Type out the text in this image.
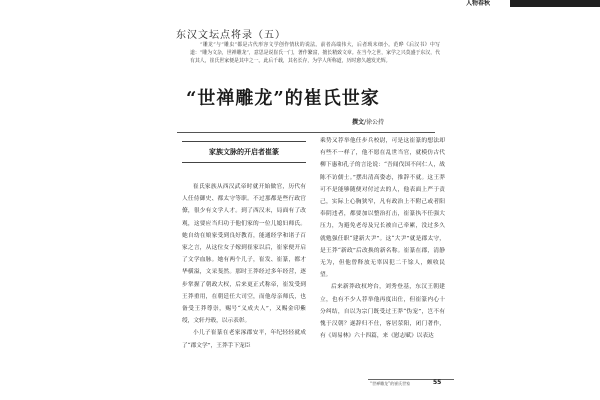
人物春秋
东汉文坛点将录（五）

“雕龙”与“雕虫”都是古代形容文学创作情状的说法。前者高端伟大，后者琐末细小。范晔《后汉书》中写道：“雕为文杂，世禅雕龙”，意思是说崔氏一门，著作繁富，擅长精致文章。在当今之世，家学之兴莫盛于东汉，代有其人，崔氏世家便是其中之一。此后千载，其名长存，为学人所称道，历时愈久越发光辉。

“世禅雕龙”的崔氏世家
撰文/徐公持
家族文脉的开启者崔篆

崔氏家族从西汉武帝时就开始做官，历代有人任侍御史、都太守等职。不过那都是些行政官僚，很少有文学人才。到了西汉末，局面有了改观，这要应当归功于他们家的一位儿媳妇师氏。她自幼在娘家受到良好教育，能通经学和诸子百家之言，从这位女子嫁到崔家以后，崔家便开启了文学血脉。她有两个儿子，崔发、崔篆，都才华横溢，文采斐然。那时王莽经过多年经营，逐步掌握了朝政大权，后来更正式称帝，崔发受到王莽重用，在朝廷任大司空，而他母亲师氏，也备受王莽尊崇，赐号“义成夫人”，又赐金印紫绶，文轩丹毂，以示表彰。

小儿子崔篆在老家涿郡安平，年纪轻轻就成了“郡文学”，王莽手下宠臣

乘势又荐举他任步兵校尉，可是这崔篆的想法却有些不一样了，他不愿在乱世当官，就模仿古代柳下惠和孔子的言论说：“吾闻伐国不问仁人，战陈不访儒士。”摆出清高姿态，推辞不就。这王莽可不是能够随便对付过去的人，他表面上严于责己，实际上心胸狭窄，凡有政治上不附己或者阳奉阴违者，都要加以整治打击，崔篆执不任强大压力，为避免老母及兄长被自己牵累，没过多久就勉强任职“建新大尹”。这“大尹”就是郡太守，是王莽“新政”后改换的新名称。崔篆在郡，清静无为，但他曾释放无辜囚犯二千馀人，颇收民望。

后来新莽政权垮台，刘秀登基，东汉王朝建立，也有不少人荐举他再度出仕，但崔篆内心十分纠结，自以为宗门既受过王莽“伪宠”，岂不有愧于汉朝？遂辞归不仕，客居荥阳，闭门著作，有《周易林》六十四篇，来《慰志赋》以表达

“世禅雕龙”的崔氏世家	55
